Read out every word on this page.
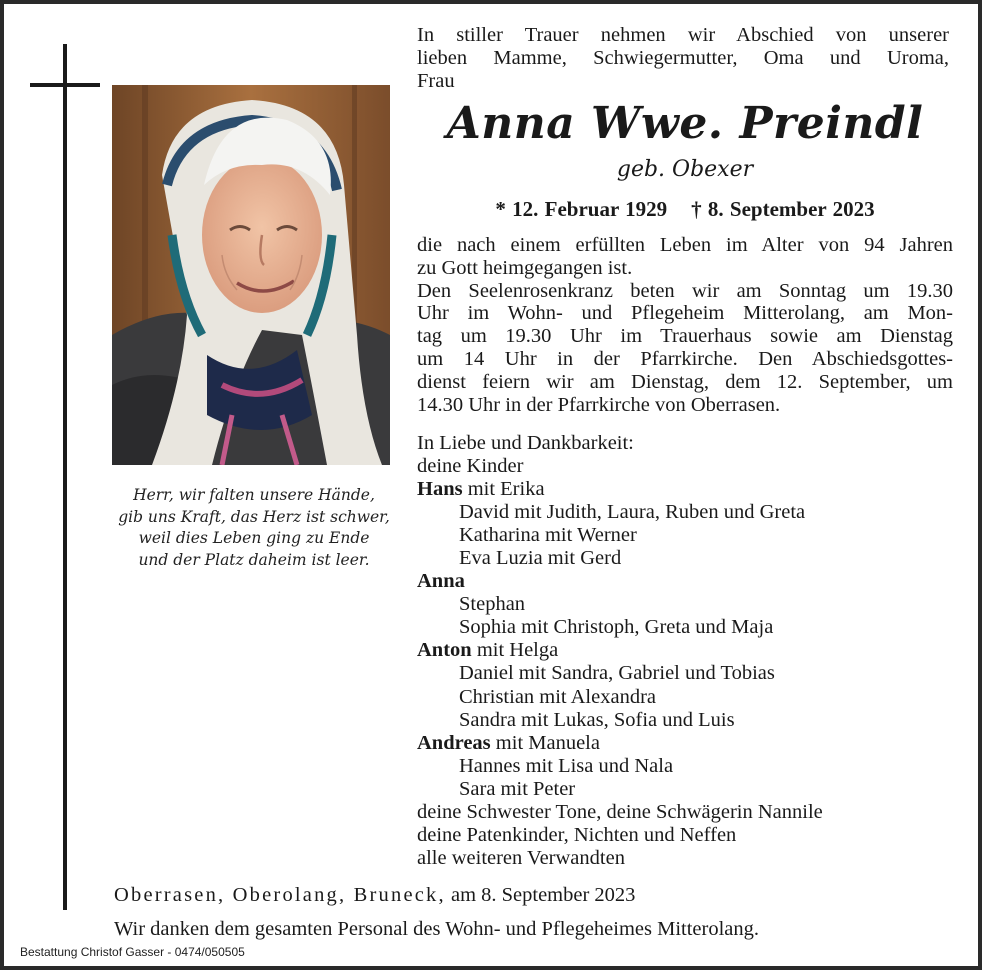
Herr, wir falten unsere Hände,
gib uns Kraft, das Herz ist schwer,
weil dies Leben ging zu Ende
und der Platz daheim ist leer.
In stiller Trauer nehmen wir Abschied von unserer
lieben Mamme, Schwiegermutter, Oma und Uroma,
Frau
Anna Wwe. Preindl
geb. Obexer
* 12. Februar 1929 † 8. September 2023
die nach einem erfüllten Leben im Alter von 94 Jahren
zu Gott heimgegangen ist.
Den Seelenrosenkranz beten wir am Sonntag um 19.30
Uhr im Wohn- und Pflegeheim Mitterolang, am Mon-
tag um 19.30 Uhr im Trauerhaus sowie am Dienstag
um 14 Uhr in der Pfarrkirche. Den Abschiedsgottes-
dienst feiern wir am Dienstag, dem 12. September, um
14.30 Uhr in der Pfarrkirche von Oberrasen.
In Liebe und Dankbarkeit:
deine Kinder
Hans mit Erika
David mit Judith, Laura, Ruben und Greta
Katharina mit Werner
Eva Luzia mit Gerd
Anna
Stephan
Sophia mit Christoph, Greta und Maja
Anton mit Helga
Daniel mit Sandra, Gabriel und Tobias
Christian mit Alexandra
Sandra mit Lukas, Sofia und Luis
Andreas mit Manuela
Hannes mit Lisa und Nala
Sara mit Peter
deine Schwester Tone, deine Schwägerin Nannile
deine Patenkinder, Nichten und Neffen
alle weiteren Verwandten
Oberrasen, Oberolang, Bruneck, am 8. September 2023
Wir danken dem gesamten Personal des Wohn- und Pflegeheimes Mitterolang.
Bestattung Christof Gasser - 0474/050505
